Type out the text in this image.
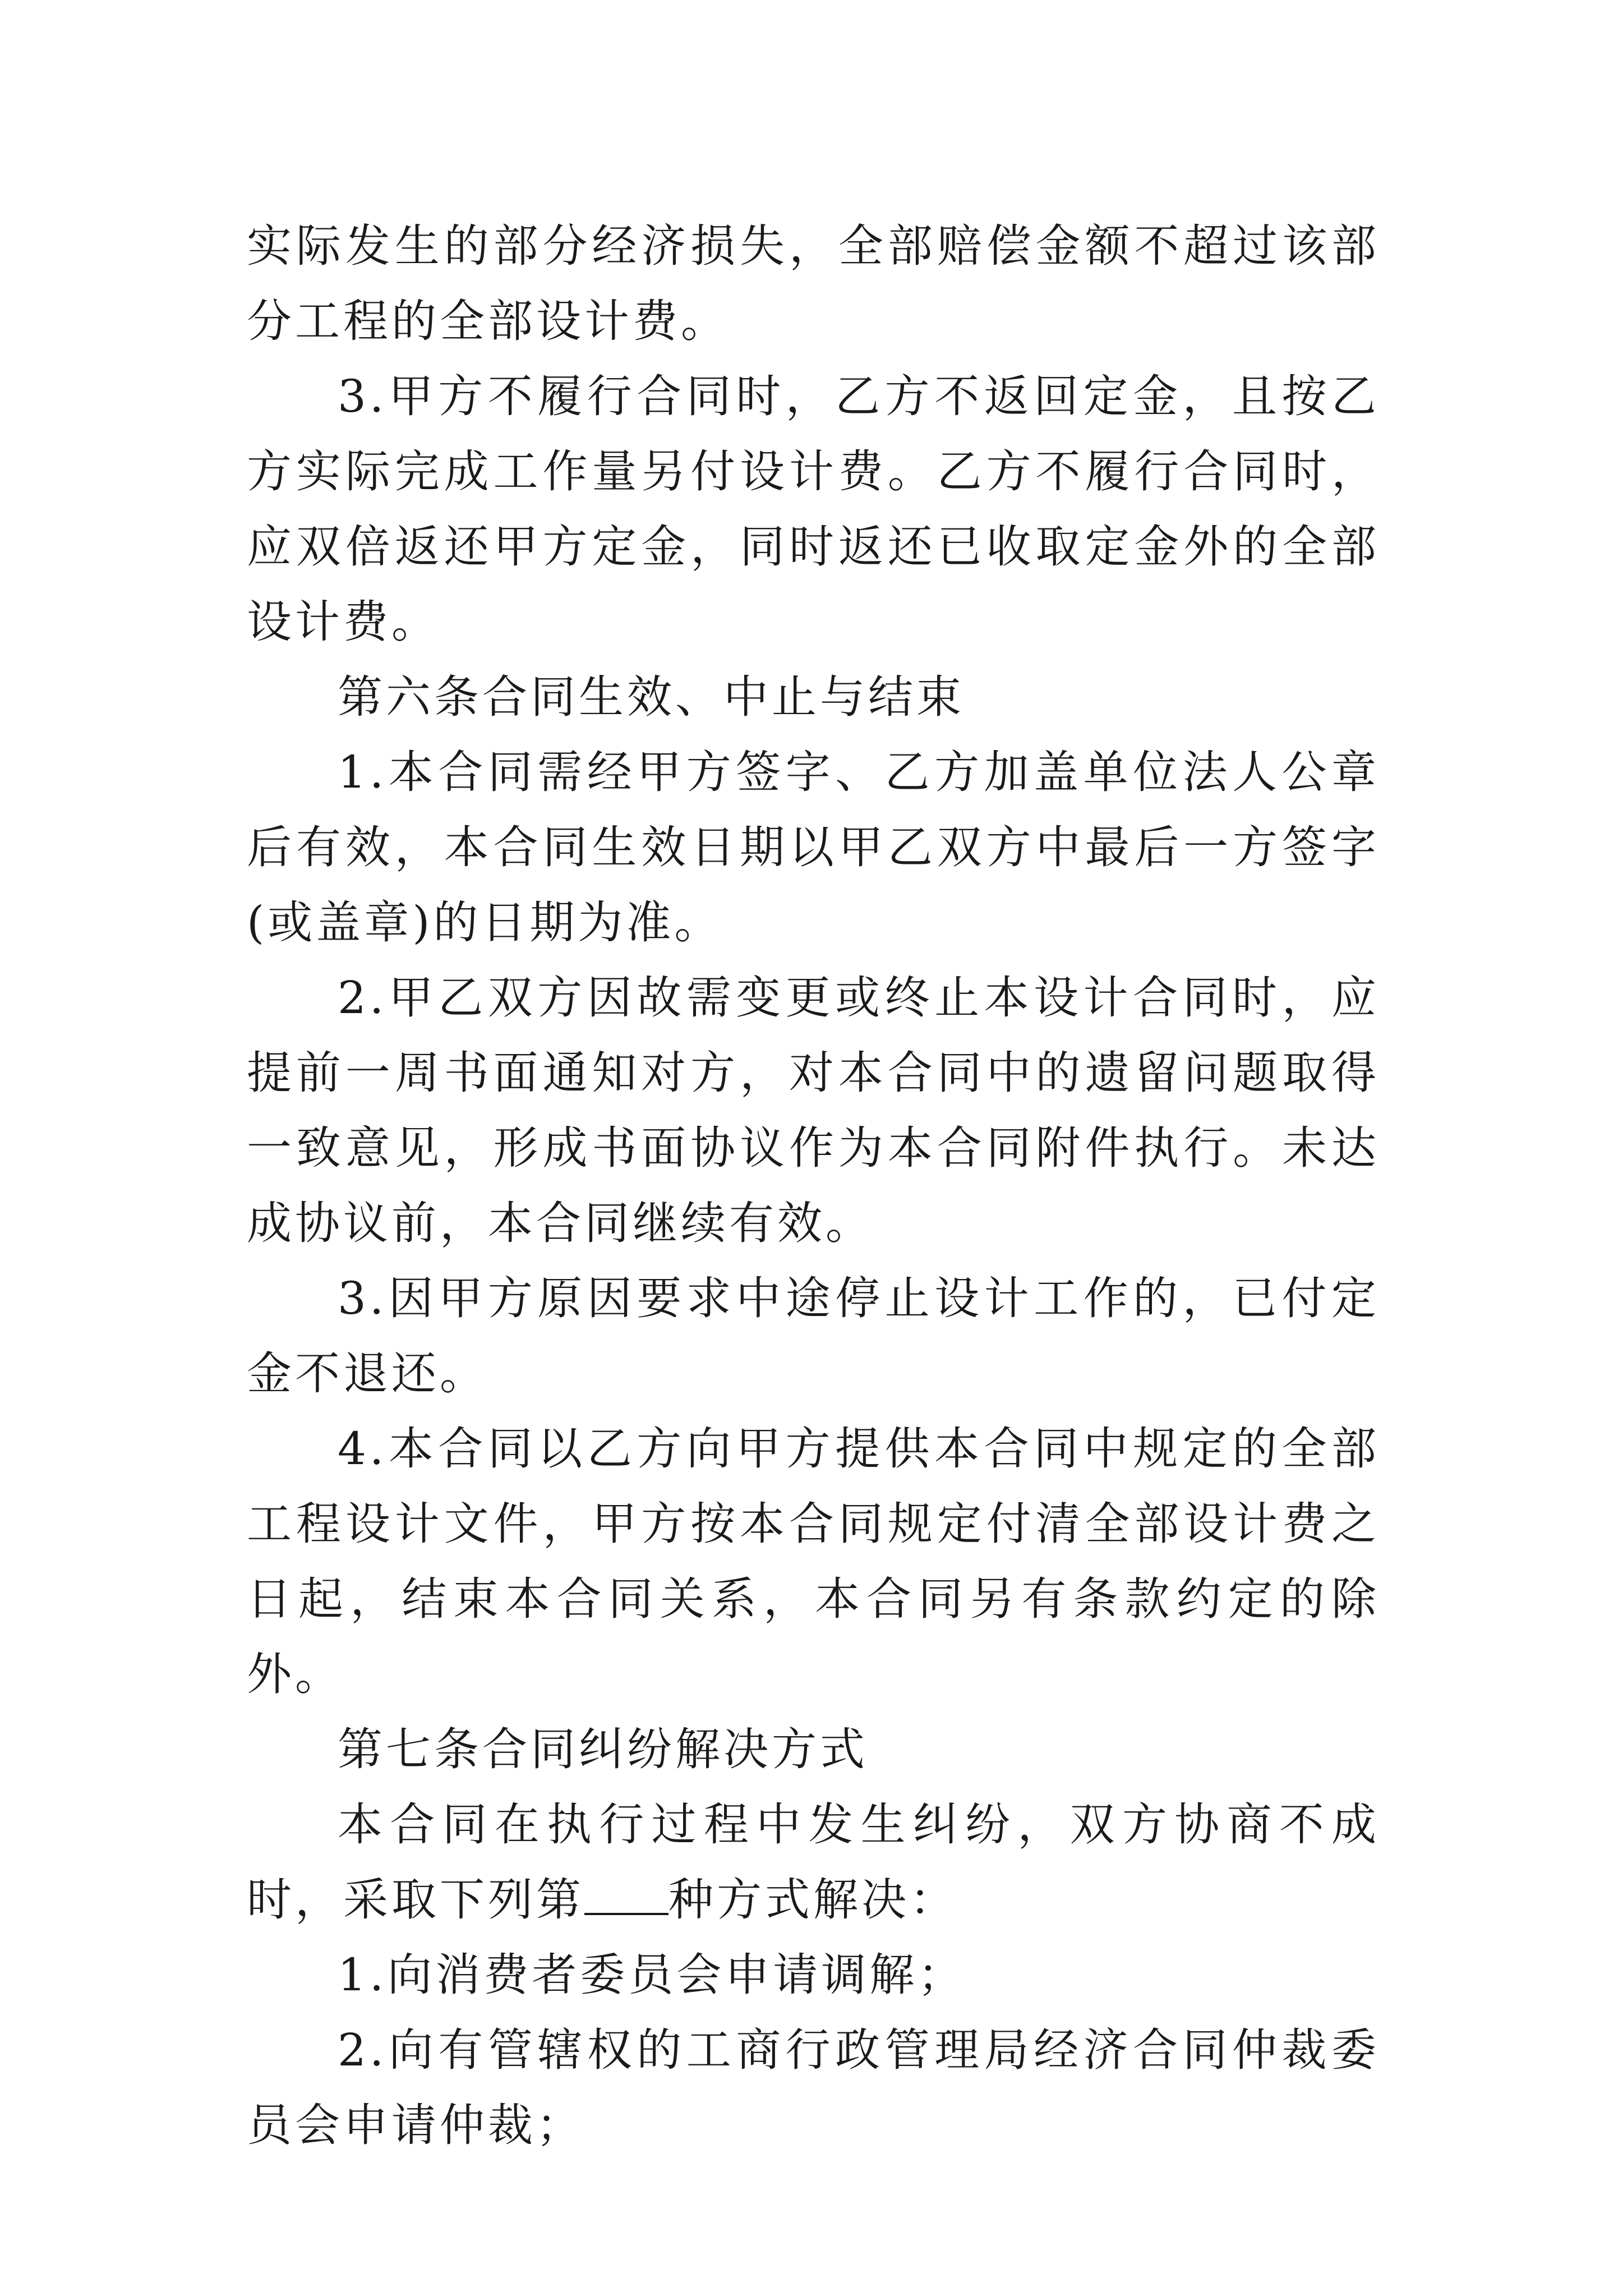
实际发生的部分经济损失，全部赔偿金额不超过该部分工程的全部设计费。

3.甲方不履行合同时，乙方不返回定金，且按乙方实际完成工作量另付设计费。乙方不履行合同时，应双倍返还甲方定金，同时返还已收取定金外的全部设计费。

第六条合同生效、中止与结束

1.本合同需经甲方签字、乙方加盖单位法人公章后有效，本合同生效日期以甲乙双方中最后一方签字(或盖章)的日期为准。

2.甲乙双方因故需变更或终止本设计合同时，应提前一周书面通知对方，对本合同中的遗留问题取得一致意见，形成书面协议作为本合同附件执行。未达成协议前，本合同继续有效。

3.因甲方原因要求中途停止设计工作的，已付定金不退还。

4.本合同以乙方向甲方提供本合同中规定的全部工程设计文件，甲方按本合同规定付清全部设计费之日起，结束本合同关系，本合同另有条款约定的除外。

第七条合同纠纷解决方式

本合同在执行过程中发生纠纷，双方协商不成时，采取下列第 种方式解决：

1.向消费者委员会申请调解；

2.向有管辖权的工商行政管理局经济合同仲裁委员会申请仲裁；
